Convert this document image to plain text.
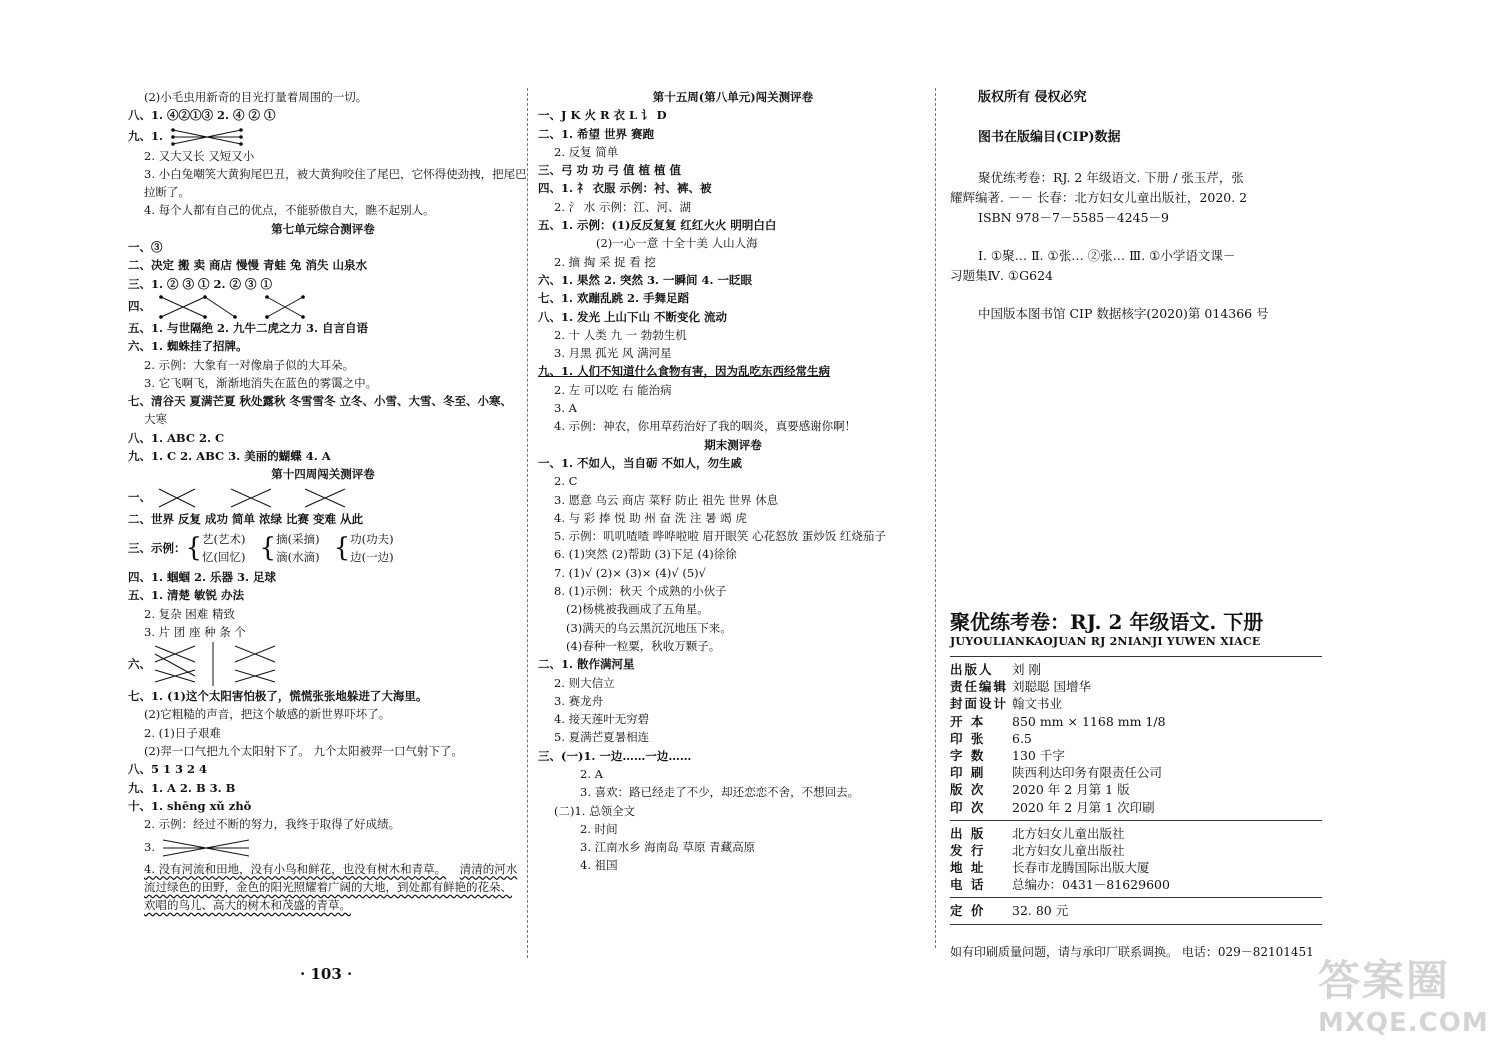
(2)小毛虫用新奇的目光打量着周围的一切。
八、1. ④②①③ 2. ④ ② ①
九、1.
2. 又大又长 又短又小
3. 小白兔嘲笑大黄狗尾巴丑，被大黄狗咬住了尾巴，它怀得使劲拽，把尾巴
拉断了。
4. 每个人都有自己的优点，不能骄傲自大，瞧不起别人。
第七单元综合测评卷
一、③
二、决定 搬 卖 商店 慢慢 青蛙 兔 消失 山泉水
三、1. ② ③ ① 2. ② ③ ①
四、
五、1. 与世隔绝 2. 九牛二虎之力 3. 自言自语
六、1. 蜘蛛挂了招牌。
2. 示例：大象有一对像扇子似的大耳朵。
3. 它飞啊飞，渐渐地消失在蓝色的雾霭之中。
七、清谷天 夏满芒夏 秋处露秋 冬雪雪冬 立冬、小雪、大雪、冬至、小寒、
大寒
八、1. ABC 2. C
九、1. C 2. ABC 3. 美丽的蝴蝶 4. A
第十四周闯关测评卷
一、
二、世界 反复 成功 简单 浓绿 比赛 变难 从此
三、示例： { 艺(艺术)
忆(回忆) { 摘(采摘)
滴(水滴) { 功(功夫)
边(一边)
四、1. 蝈蝈 2. 乐器 3. 足球
五、1. 清楚 敏锐 办法
2. 复杂 困难 精致
3. 片 团 座 种 条 个
六、
七、1. (1)这个太阳害怕极了，慌慌张张地躲进了大海里。
(2)它粗糙的声音，把这个敏感的新世界吓坏了。
2. (1)日子艰难
(2)羿一口气把九个太阳射下了。 九个太阳被羿一口气射下了。
八、5 1 3 2 4
九、1. A 2. B 3. B
十、1. shēng xǔ zhǒ
2. 示例：经过不断的努力，我终于取得了好成绩。
3.
4. 没有河流和田地，没有小鸟和鲜花，也没有树木和青草。 清清的河水
流过绿色的田野，金色的阳光照耀着广阔的大地，到处都有鲜艳的花朵、
欢唱的鸟儿、高大的树木和茂盛的青草。
· 103 ·
第十五周(第八单元)闯关测评卷
一、J K 火 R 衣 L 讠 D
二、1. 希望 世界 赛跑
2. 反复 简单
三、弓 功 功 弓 值 植 植 值
四、1. 礻 衣服 示例：衬、裤、被
2. 氵 水 示例：江、河、湖
五、1. 示例：(1)反反复复 红红火火 明明白白
(2)一心一意 十全十美 人山人海
2. 摘 掏 采 捉 看 挖
六、1. 果然 2. 突然 3. 一瞬间 4. 一眨眼
七、1. 欢蹦乱跳 2. 手舞足蹈
八、1. 发光 上山下山 不断变化 流动
2. 十 人类 九 一 勃勃生机
3. 月黑 孤光 风 满河星
九、1. 人们不知道什么食物有害，因为乱吃东西经常生病
2. 左 可以吃 右 能治病
3. A
4. 示例：神农，你用草药治好了我的咽炎，真要感谢你啊！
期末测评卷
一、1. 不如人，当自砺 不如人，勿生戚
2. C
3. 愿意 乌云 商店 菜籽 防止 祖先 世界 休息
4. 与 彩 捧 悦 助 州 奋 洗 注 暑 竭 虎
5. 示例：叽叽喳喳 哗哗啦啦 眉开眼笑 心花怒放 蛋炒饭 红烧茄子
6. (1)突然 (2)帮助 (3)下足 (4)徐徐
7. (1)√ (2)× (3)× (4)√ (5)√
8. (1)示例：秋天 个成熟的小伙子
(2)杨桃被我画成了五角星。
(3)满天的乌云黑沉沉地压下来。
(4)春种一粒粟，秋收万颗子。
二、1. 散作满河星
2. 则大信立
3. 赛龙舟
4. 接天莲叶无穷碧
5. 夏满芒夏暑相连
三、(一)1. 一边……一边……
2. A
3. 喜欢：路已经走了不少，却还恋恋不舍，不想回去。
(二)1. 总领全文
2. 时间
3. 江南水乡 海南岛 草原 青藏高原
4. 祖国
版权所有 侵权必究
图书在版编目(CIP)数据
聚优练考卷：RJ. 2 年级语文. 下册 / 张玉芹，张
耀辉编著. －－ 长春：北方妇女儿童出版社，2020. 2
ISBN 978－7－5585－4245－9
Ⅰ. ①聚… Ⅱ. ①张… ②张… Ⅲ. ①小学语文课－
习题集Ⅳ. ①G624
中国版本图书馆 CIP 数据核字(2020)第 014366 号
聚优练考卷：RJ. 2 年级语文. 下册
JUYOULIANKAOJUAN RJ 2NIANJI YUWEN XIACE
出版人	刘 刚
责任编辑 刘聪聪 国增华
封面设计 翰文书业
开 本	850 mm × 1168 mm 1/8
印 张	6.5
字 数	130 千字
印 刷	陕西利达印务有限责任公司
版 次	2020 年 2 月第 1 版
印 次	2020 年 2 月第 1 次印刷
出 版	北方妇女儿童出版社
发 行	北方妇女儿童出版社
地 址	长春市龙腾国际出版大厦
电 话	总编办：0431－81629600
定 价	32. 80 元
如有印刷质量问题，请与承印厂联系调换。 电话：029－82101451
答案圈
MXQE.COM
